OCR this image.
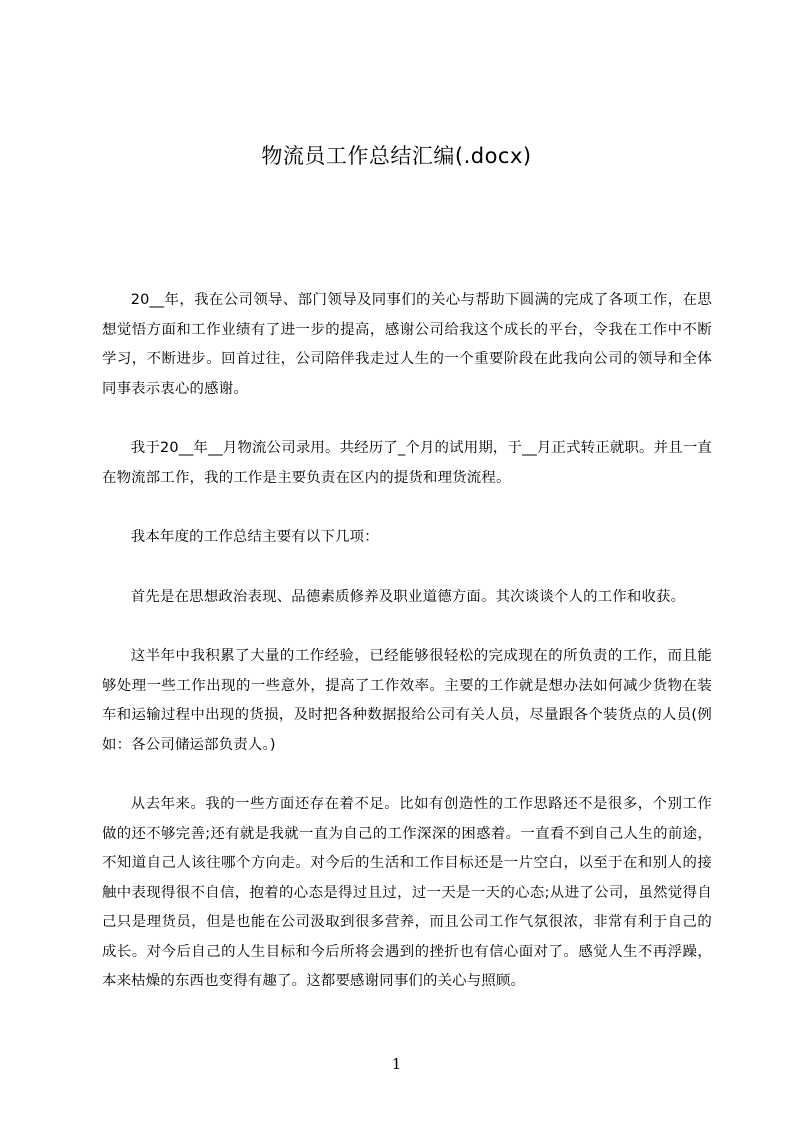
物流员工作总结汇编(.docx)

20__年，我在公司领导、部门领导及同事们的关心与帮助下圆满的完成了各项工作，在思想觉悟方面和工作业绩有了进一步的提高，感谢公司给我这个成长的平台，令我在工作中不断学习，不断进步。回首过往，公司陪伴我走过人生的一个重要阶段在此我向公司的领导和全体同事表示衷心的感谢。

我于20__年__月物流公司录用。共经历了_个月的试用期，于__月正式转正就职。并且一直在物流部工作，我的工作是主要负责在区内的提货和理货流程。

我本年度的工作总结主要有以下几项：

首先是在思想政治表现、品德素质修养及职业道德方面。其次谈谈个人的工作和收获。

这半年中我积累了大量的工作经验，已经能够很轻松的完成现在的所负责的工作，而且能够处理一些工作出现的一些意外，提高了工作效率。主要的工作就是想办法如何减少货物在装车和运输过程中出现的货损，及时把各种数据报给公司有关人员，尽量跟各个装货点的人员(例如：各公司储运部负责人。)

从去年来。我的一些方面还存在着不足。比如有创造性的工作思路还不是很多，个别工作做的还不够完善;还有就是我就一直为自己的工作深深的困惑着。一直看不到自己人生的前途，不知道自己人该往哪个方向走。对今后的生活和工作目标还是一片空白，以至于在和别人的接触中表现得很不自信，抱着的心态是得过且过，过一天是一天的心态;从进了公司，虽然觉得自己只是理货员，但是也能在公司汲取到很多营养，而且公司工作气氛很浓，非常有利于自己的成长。对今后自己的人生目标和今后所将会遇到的挫折也有信心面对了。感觉人生不再浮躁，本来枯燥的东西也变得有趣了。这都要感谢同事们的关心与照顾。

1
